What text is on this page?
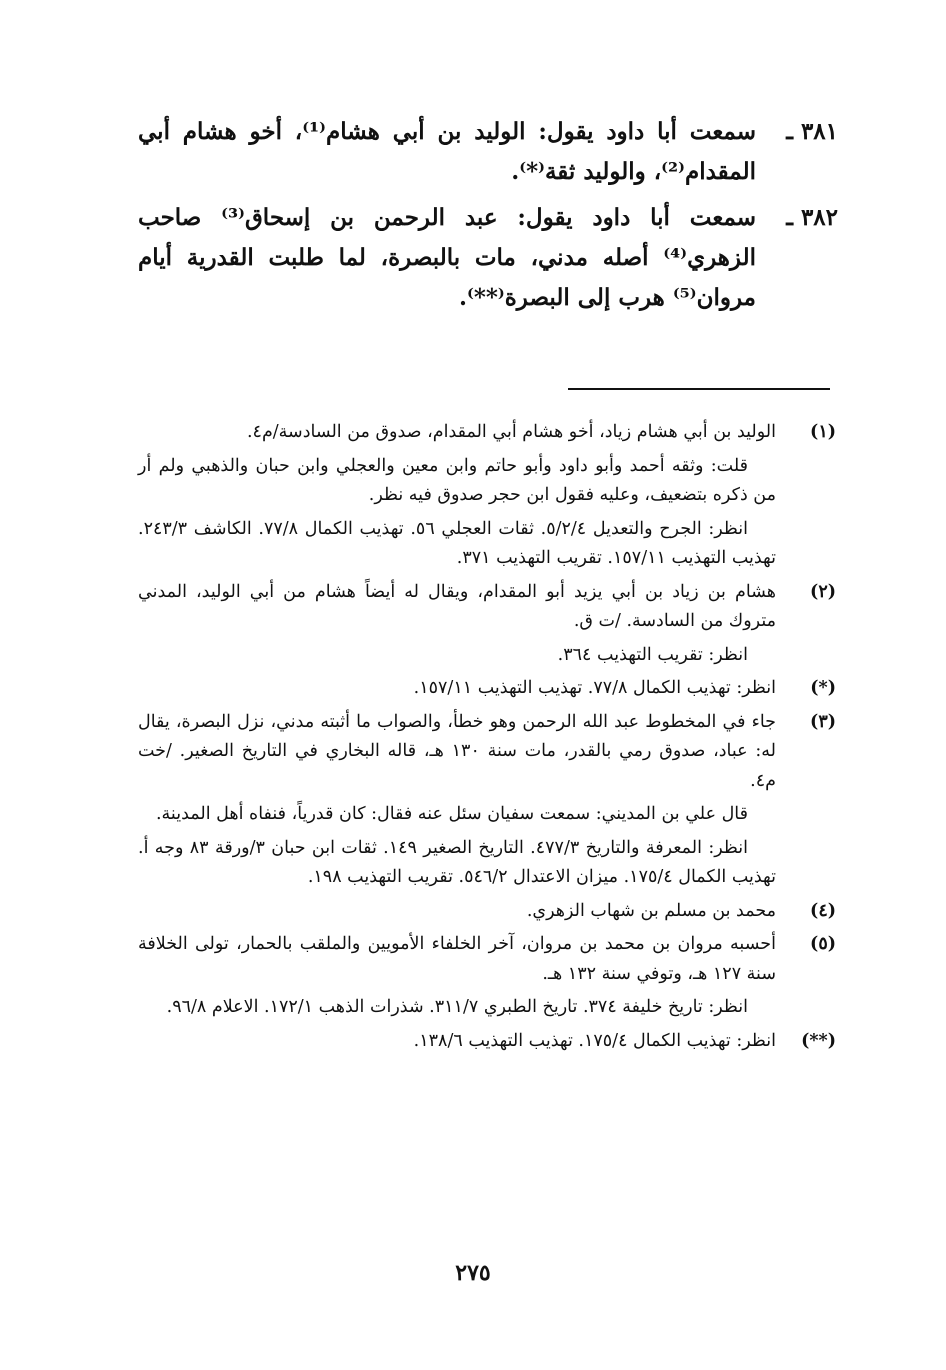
٣٨١ ـ
سمعت أبا داود يقول: الوليد بن أبي هشام⁽¹⁾، أخو هشام أبي المقدام⁽²⁾، والوليد ثقة⁽*⁾.
٣٨٢ ـ
سمعت أبا داود يقول: عبد الرحمن بن إسحاق⁽³⁾ صاحب الزهري⁽⁴⁾ أصله مدني، مات بالبصرة، لما طلبت القدرية أيام مروان⁽⁵⁾ هرب إلى البصرة⁽**⁾.
(١)

الوليد بن أبي هشام زياد، أخو هشام أبي المقدام، صدوق من السادسة/م٤.

قلت: وثقه أحمد وأبو داود وأبو حاتم وابن معين والعجلي وابن حبان والذهبي ولم أر من ذكره بتضعيف، وعليه فقول ابن حجر صدوق فيه نظر.

انظر: الجرح والتعديل ٥/٢/٤. ثقات العجلي ٥٦. تهذيب الكمال ٧٧/٨. الكاشف ٢٤٣/٣. تهذيب التهذيب ١٥٧/١١. تقريب التهذيب ٣٧١.

(٢)

هشام بن زياد بن أبي يزيد أبو المقدام، ويقال له أيضاً هشام من أبي الوليد، المدني متروك من السادسة. /ت ق.

انظر: تقريب التهذيب ٣٦٤.

(*)

انظر: تهذيب الكمال ٧٧/٨. تهذيب التهذيب ١٥٧/١١.

(٣)

جاء في المخطوط عبد الله الرحمن وهو خطأ، والصواب ما أثبته مدني، نزل البصرة، يقال له: عباد، صدوق رمي بالقدر، مات سنة ١٣٠ هـ، قاله البخاري في التاريخ الصغير. /خت م٤.

قال علي بن المديني: سمعت سفيان سئل عنه فقال: كان قدرياً، فنفاه أهل المدينة.

انظر: المعرفة والتاريخ ٤٧٧/٣. التاريخ الصغير ١٤٩. ثقات ابن حبان ٣/ورقة ٨٣ وجه أ. تهذيب الكمال ١٧٥/٤. ميزان الاعتدال ٥٤٦/٢. تقريب التهذيب ١٩٨.

(٤)

محمد بن مسلم بن شهاب الزهري.

(٥)

أحسبه مروان بن محمد بن مروان، آخر الخلفاء الأمويين والملقب بالحمار، تولى الخلافة سنة ١٢٧ هـ، وتوفي سنة ١٣٢ هـ.

انظر: تاريخ خليفة ٣٧٤. تاريخ الطبري ٣١١/٧. شذرات الذهب ١٧٢/١. الاعلام ٩٦/٨.

(**)

انظر: تهذيب الكمال ١٧٥/٤. تهذيب التهذيب ١٣٨/٦.

٢٧٥
